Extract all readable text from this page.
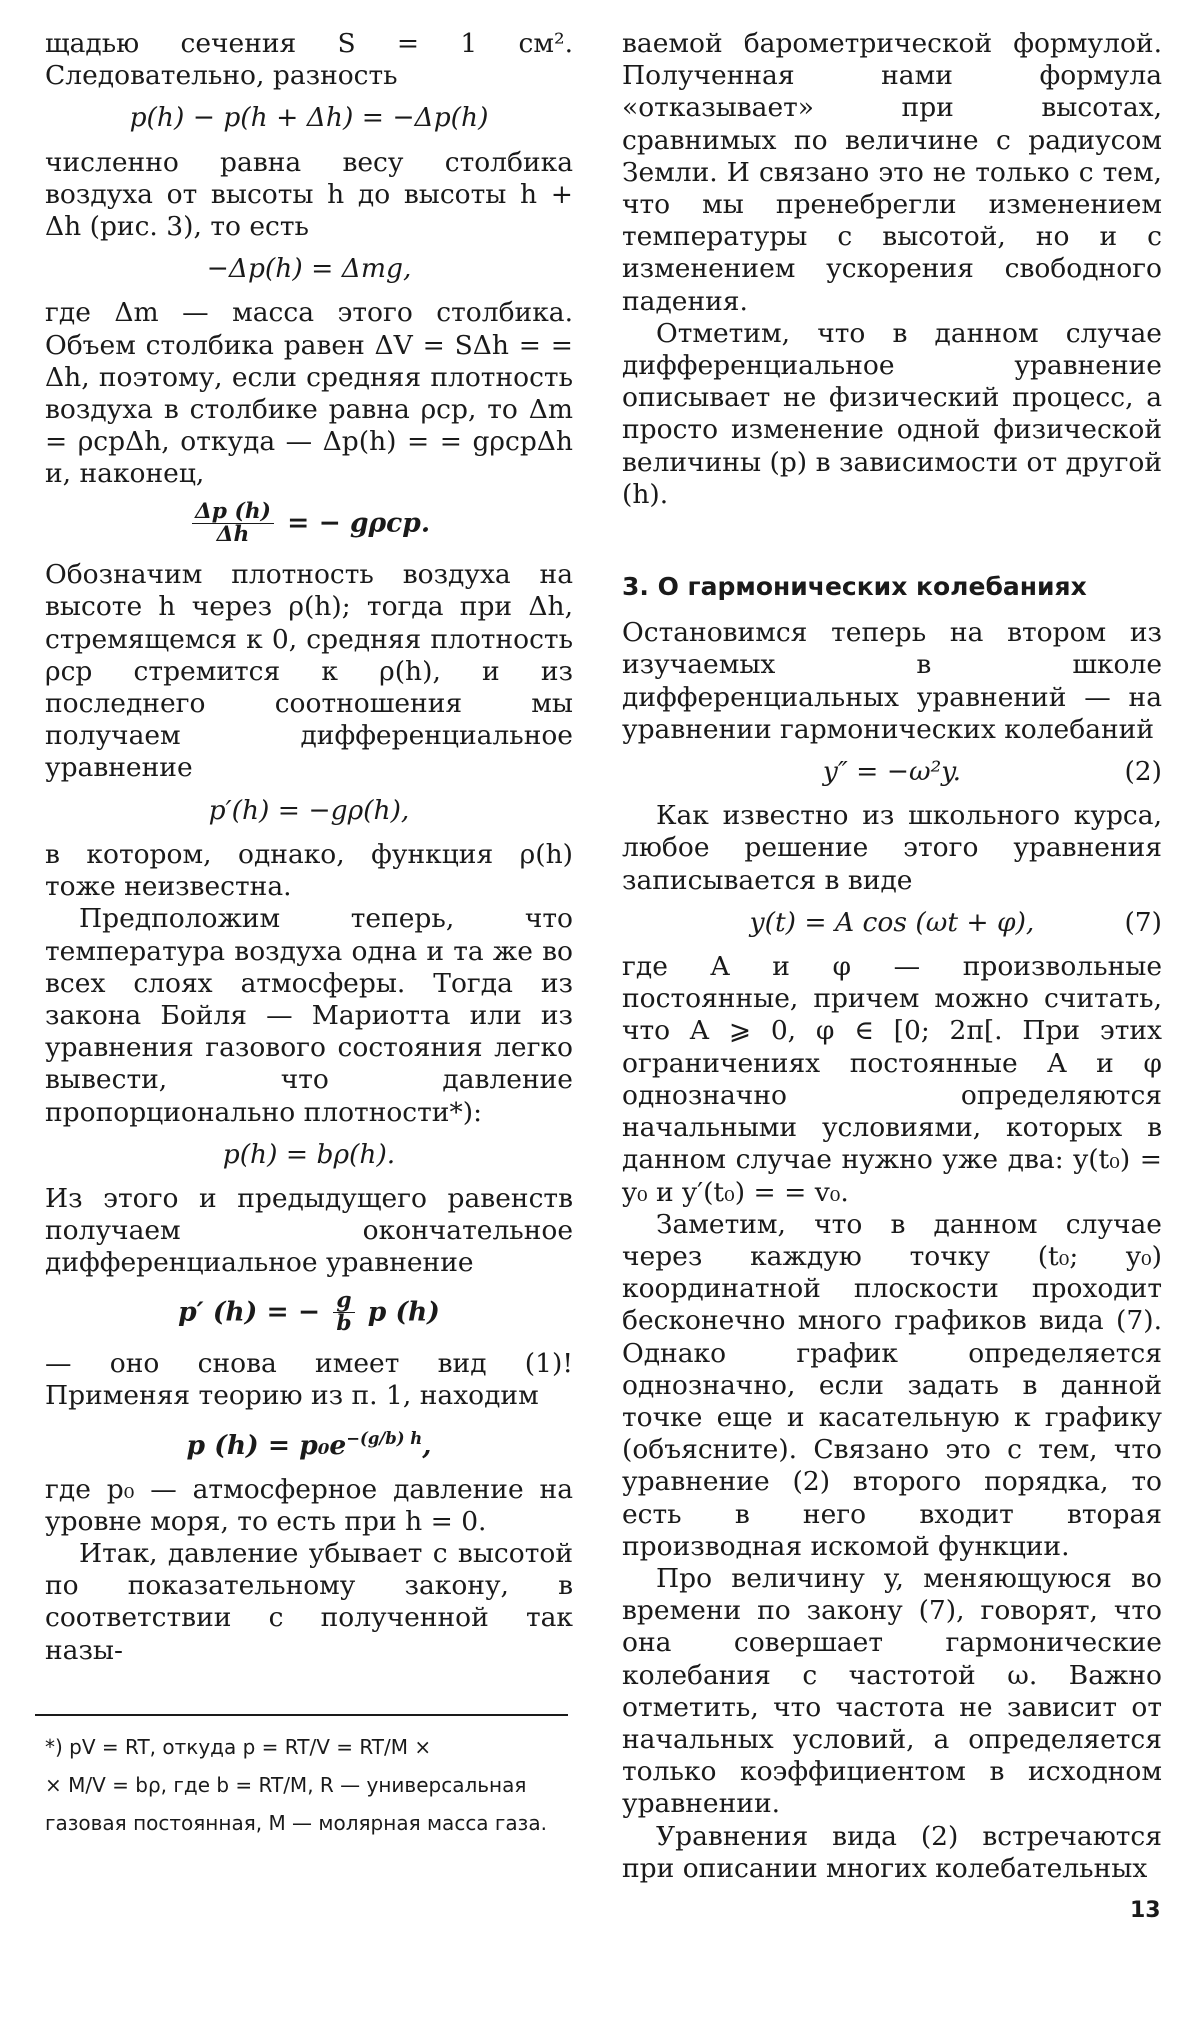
щадью сечения S = 1 см². Следовательно, разность

p(h) − p(h + Δh) = −Δp(h)

численно равна весу столбика воздуха от высоты h до высоты h + Δh (рис. 3), то есть

−Δp(h) = Δmg,

где Δm — масса этого столбика. Объем столбика равен ΔV = SΔh = = Δh, поэтому, если средняя плотность воздуха в столбике равна ρср, то Δm = ρсрΔh, откуда — Δp(h) = = gρсрΔh и, наконец,

$\frac{\Delta p (h)}{\Delta h}$ = − gρср.

Обозначим плотность воздуха на высоте h через ρ(h); тогда при Δh, стремящемся к 0, средняя плотность ρср стремится к ρ(h), и из последнего соотношения мы получаем дифференциальное уравнение

p′(h) = −gρ(h),

в котором, однако, функция ρ(h) тоже неизвестна.

Предположим теперь, что температура воздуха одна и та же во всех слоях атмосферы. Тогда из закона Бойля — Мариотта или из уравнения газового состояния легко вывести, что давление пропорционально плотности*):

p(h) = bρ(h).

Из этого и предыдущего равенств получаем окончательное дифференциальное уравнение

p′ (h) = − $\frac{g}{b}$ p (h)

— оно снова имеет вид (1)! Применяя теорию из п. 1, находим

p $(h) = p_0e^{-(g/b) h}$,

где p₀ — атмосферное давление на уровне моря, то есть при h = 0.

Итак, давление убывает с высотой по показательному закону, в соответствии с полученной так назы-

*) pV = RT, откуда p = RT/V = RT/M ×

× M/V = bρ, где b = RT/M, R — универсальная

газовая постоянная, M — молярная масса газа.

ваемой барометрической формулой. Полученная нами формула «отказывает» при высотах, сравнимых по величине с радиусом Земли. И связано это не только с тем, что мы пренебрегли изменением температуры с высотой, но и с изменением ускорения свободного падения.

Отметим, что в данном случае дифференциальное уравнение описывает не физический процесс, а просто изменение одной физической величины (p) в зависимости от другой (h).

3. О гармонических колебаниях

Остановимся теперь на втором из изучаемых в школе дифференциальных уравнений — на уравнении гармонических колебаний

y″ = −ω²y.	(2)

Как известно из школьного курса, любое решение этого уравнения записывается в виде

y(t) = A cos (ωt + φ),	(7)

где A и φ — произвольные постоянные, причем можно считать, что A ⩾ 0, φ ∈ [0; 2π[. При этих ограничениях постоянные A и φ однозначно определяются начальными условиями, которых в данном случае нужно уже два: y(t₀) = y₀ и y′(t₀) = = v₀.

Заметим, что в данном случае через каждую точку (t₀; y₀) координатной плоскости проходит бесконечно много графиков вида (7). Однако график определяется однозначно, если задать в данной точке еще и касательную к графику (объясните). Связано это с тем, что уравнение (2) второго порядка, то есть в него входит вторая производная искомой функции.

Про величину y, меняющуюся во времени по закону (7), говорят, что она совершает гармонические колебания с частотой ω. Важно отметить, что частота не зависит от начальных условий, а определяется только коэффициентом в исходном уравнении.

Уравнения вида (2) встречаются при описании многих колебательных

13
